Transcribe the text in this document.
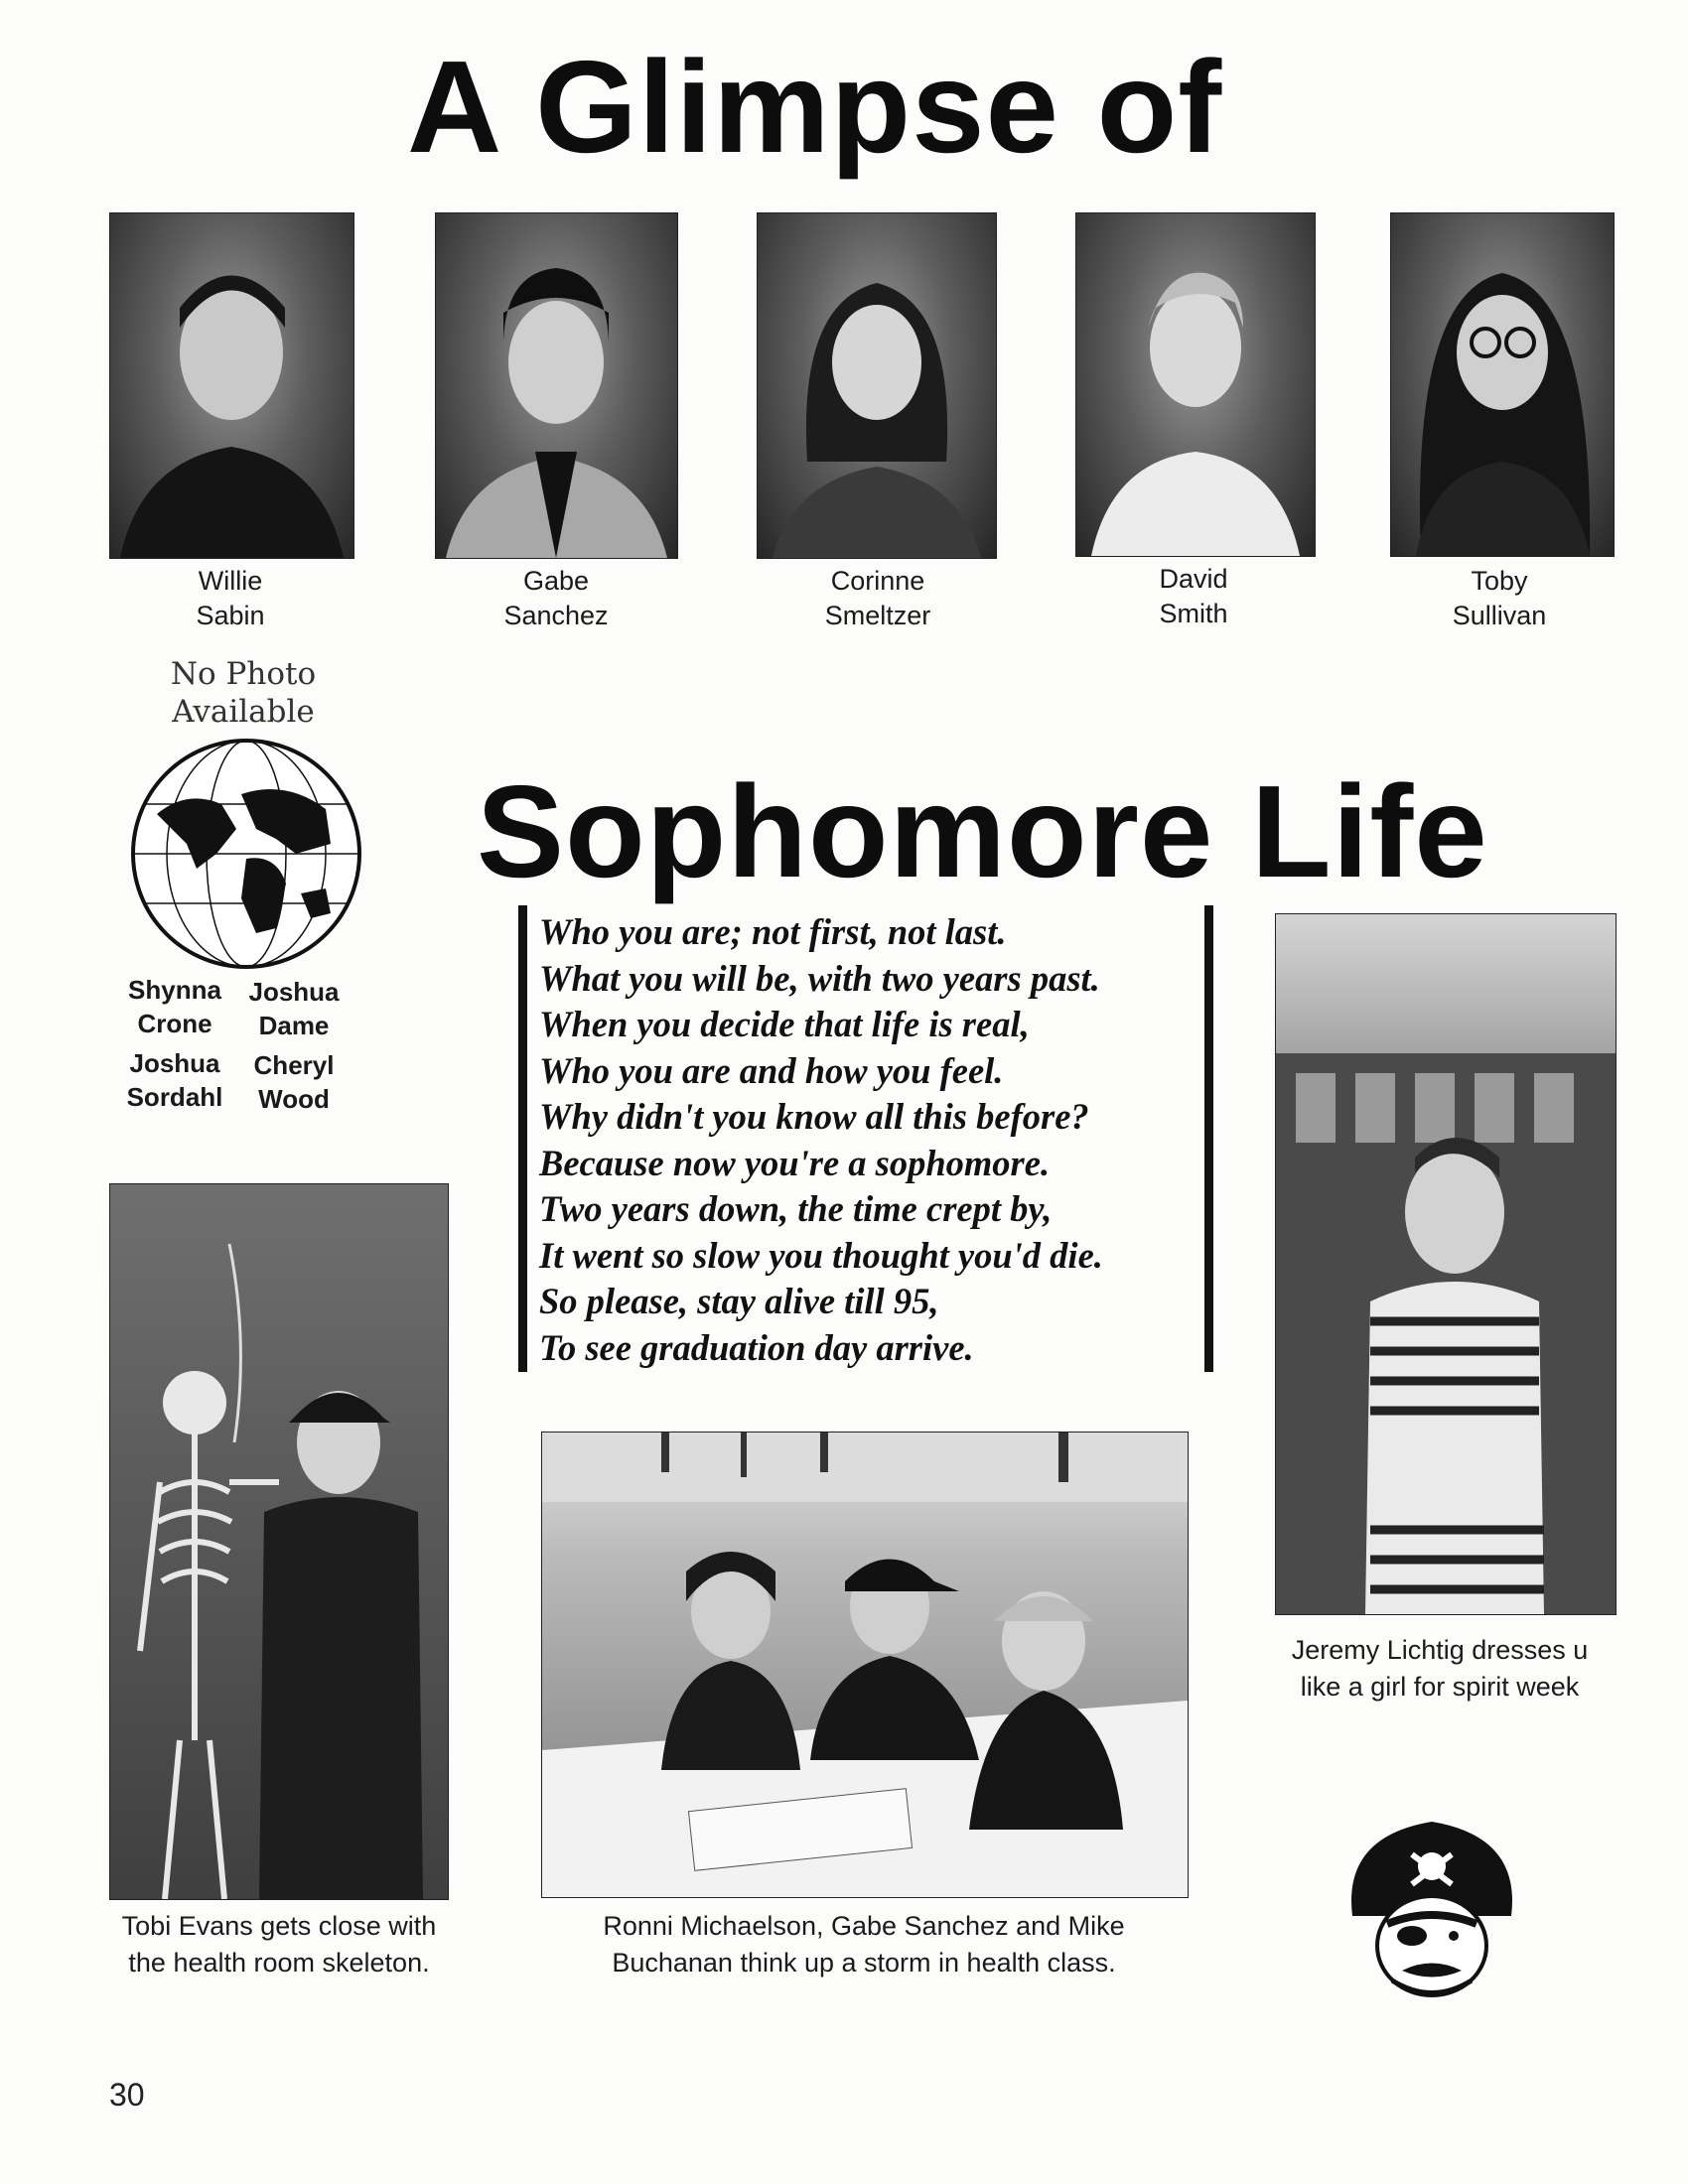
A Glimpse of
Willie
Sabin
Gabe
Sanchez
Corinne
Smeltzer
David
Smith
Toby
Sullivan
No Photo
Available
Shynna
Crone
Joshua
Dame
Joshua
Sordahl
Cheryl
Wood
Sophomore Life
Who you are; not first, not last.
What you will be, with two years past.
When you decide that life is real,
Who you are and how you feel.
Why didn't you know all this before?
Because now you're a sophomore.
Two years down, the time crept by,
It went so slow you thought you'd die.
So please, stay alive till 95,
To see graduation day arrive.
Jeremy Lichtig dresses u
like a girl for spirit week
Tobi Evans gets close with
the health room skeleton.
Ronni Michaelson, Gabe Sanchez and Mike
Buchanan think up a storm in health class.
30
